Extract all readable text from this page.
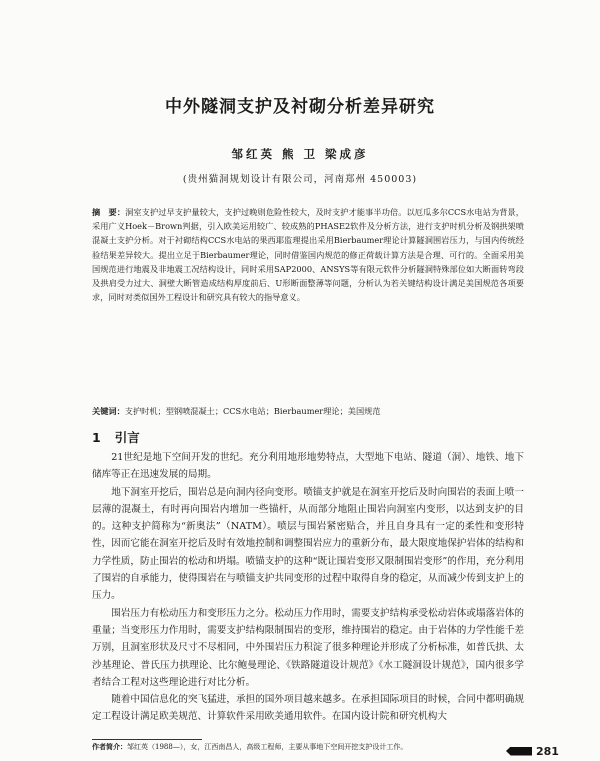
中外隧洞支护及衬砌分析差异研究
邹红英 熊 卫 梁成彦
(贵州猫洞规划设计有限公司，河南郑州 450003)
摘　要：洞室支护过早支护量较大，支护过晚则危险性较大，及时支护才能事半功倍。以厄瓜多尔CCS水电站为背景，采用广义Hoek－Brown判据，引入欧美运用较广、较成熟的PHASE2软件及分析方法，进行支护时机分析及钢拱架喷混凝土支护分析。对于衬砌结构CCS水电站的果西耶监理提出采用Bierbaumer理论计算隧洞围岩压力，与国内传统经验结果差异较大。提出立足于Bierbaumer理论，同时借鉴国内规范的修正荷载计算方法是合理、可行的。全面采用美国规范进行地震及非地震工况结构设计，同时采用SAP2000、ANSYS等有限元软件分析隧洞特殊部位如大断面转弯段及拱肩受力过大、洞壁大断管造成结构厚度前后、U形断面整薄等问题，分析认为若关键结构设计满足美国规范各项要求，同时对类似国外工程设计和研究具有较大的指导意义。
关键词：支护时机；型钢喷混凝土；CCS水电站；Bierbaumer理论；美国规范
1 引言

21世纪是地下空间开发的世纪。充分利用地形地势特点，大型地下电站、隧道（洞）、地铁、地下储库等正在迅速发展的局期。

地下洞室开挖后，围岩总是向洞内径向变形。喷锚支护就是在洞室开挖后及时向围岩的表面上喷一层薄的混凝土，有时再向围岩内增加一些锚杆，从而部分地阻止围岩向洞室内变形，以达到支护的目的。这种支护简称为“新奥法”（NATM）。喷层与围岩紧密贴合，并且自身具有一定的柔性和变形特性，因而它能在洞室开挖后及时有效地控制和调整围岩应力的重新分布，最大限度地保护岩体的结构和力学性质，防止围岩的松动和坍塌。喷锚支护的这种“既让围岩变形又限制围岩变形”的作用，充分利用了围岩的自承能力，使得围岩在与喷锚支护共同变形的过程中取得自身的稳定，从而减少传到支护上的压力。

围岩压力有松动压力和变形压力之分。松动压力作用时，需要支护结构承受松动岩体或塌落岩体的重量；当变形压力作用时，需要支护结构限制围岩的变形，维持围岩的稳定。由于岩体的力学性能千差万别，且洞室形状及尺寸不尽相同，中外围岩压力积淀了很多种理论并形成了分析标准，如普氏拱、太沙基理论、普氏压力拱理论、比尔鲍曼理论、《铁路隧道设计规范》《水工隧洞设计规范》，国内很多学者结合工程对这些理论进行对比分析。

随着中国信息化的突飞猛进，承担的国外项目越来越多。在承担国际项目的时候，合同中都明确规定工程设计满足欧美规范、计算软件采用欧美通用软件。在国内设计院和研究机构大

作者简介：邹红英（1988—），女，江西南昌人，高级工程师，主要从事地下空间开挖支护设计工作。	281
